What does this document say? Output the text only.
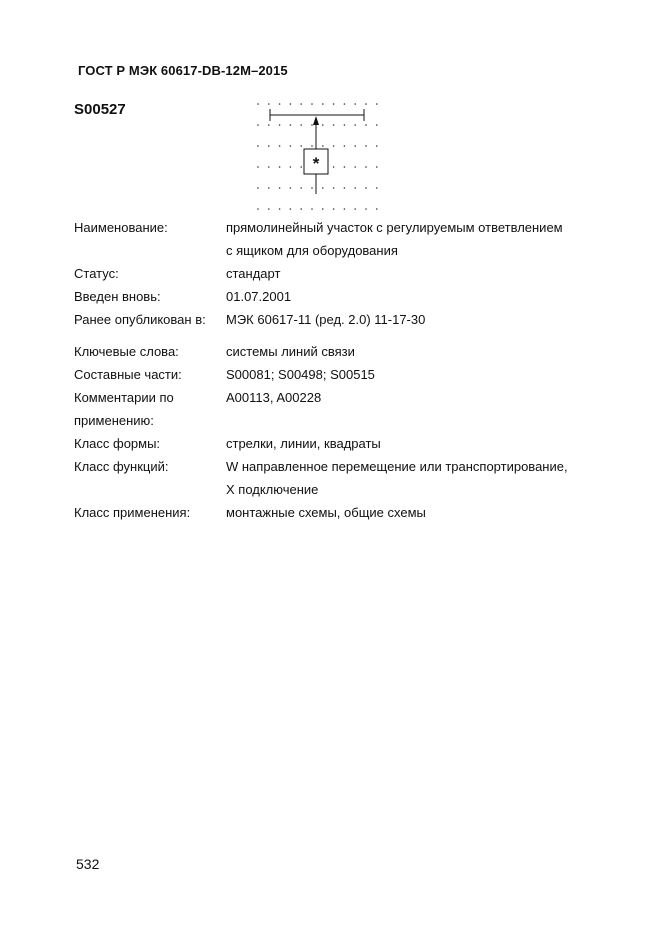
ГОСТ Р МЭК 60617-DB-12M–2015
S00527
*
Наименование:	прямолинейный участок с регулируемым ответвлением
с ящиком для оборудования
Статус:	стандарт
Введен вновь:	01.07.2001
Ранее опубликован в:	МЭК 60617-11 (ред. 2.0) 11-17-30
Ключевые слова:	системы линий связи
Составные части:	S00081; S00498; S00515
Комментарии по
применению:
A00113, A00228
Класс формы:	стрелки, линии, квадраты
Класс функций:	W направленное перемещение или транспортирование,
X подключение
Класс применения:	монтажные схемы, общие схемы
532
